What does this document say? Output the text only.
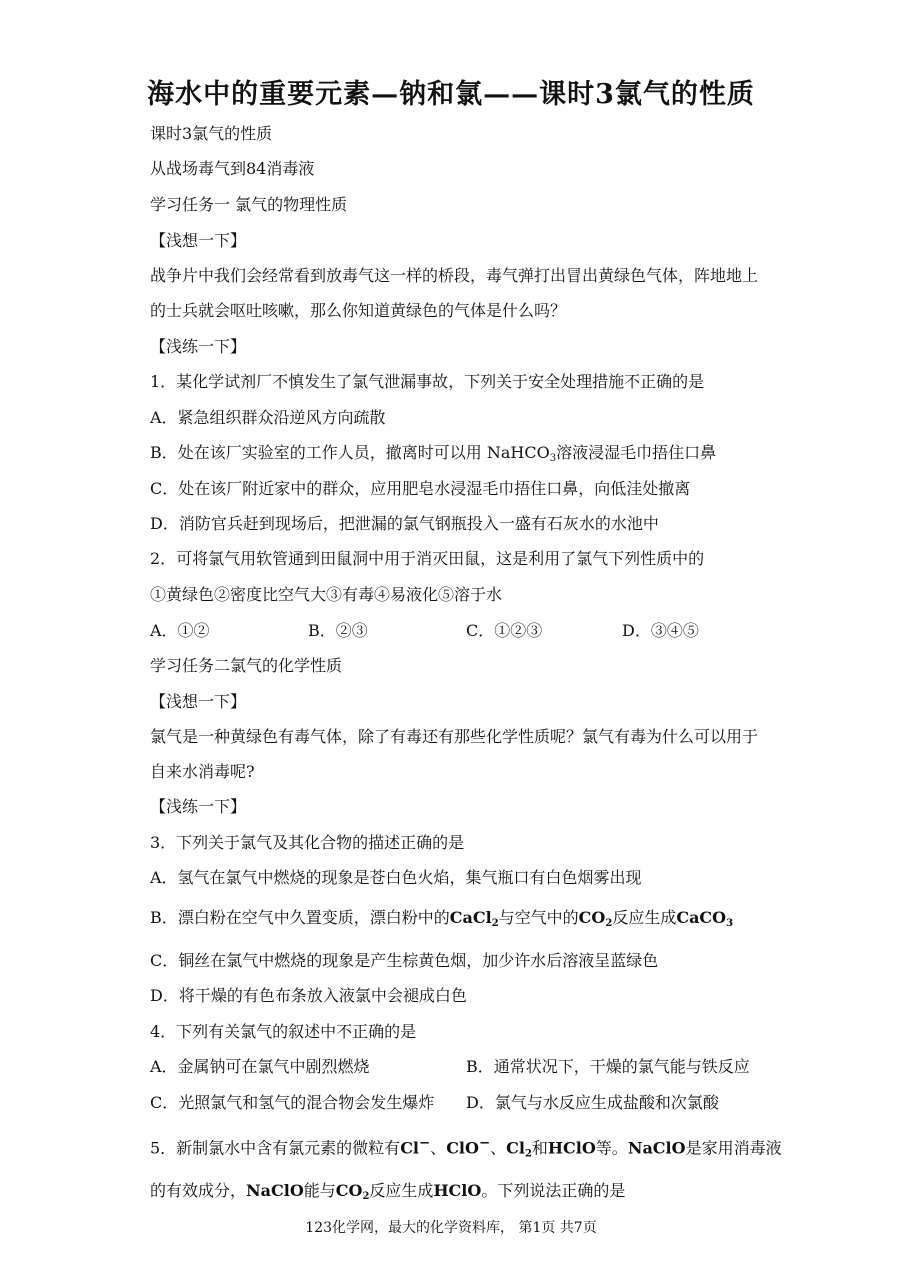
海水中的重要元素—钠和氯——课时3氯气的性质
课时3氯气的性质
从战场毒气到84消毒液
学习任务一 氯气的物理性质
【浅想一下】
战争片中我们会经常看到放毒气这一样的桥段，毒气弹打出冒出黄绿色气体，阵地地上
的士兵就会呕吐咳嗽，那么你知道黄绿色的气体是什么吗？
【浅练一下】
1．某化学试剂厂不慎发生了氯气泄漏事故，下列关于安全处理措施不正确的是
A．紧急组织群众沿逆风方向疏散
B．处在该厂实验室的工作人员，撤离时可以用 NaHCO$_3$溶液浸湿毛巾捂住口鼻
C．处在该厂附近家中的群众，应用肥皂水浸湿毛巾捂住口鼻，向低洼处撤离
D．消防官兵赶到现场后，把泄漏的氯气钢瓶投入一盛有石灰水的水池中
2．可将氯气用软管通到田鼠洞中用于消灭田鼠，这是利用了氯气下列性质中的
①黄绿色②密度比空气大③有毒④易液化⑤溶于水
A．①②	B．②③	C．①②③	D．③④⑤
学习任务二氯气的化学性质
【浅想一下】
氯气是一种黄绿色有毒气体，除了有毒还有那些化学性质呢？氯气有毒为什么可以用于
自来水消毒呢?
【浅练一下】
3．下列关于氯气及其化合物的描述正确的是
A．氢气在氯气中燃烧的现象是苍白色火焰，集气瓶口有白色烟雾出现
B．漂白粉在空气中久置变质，漂白粉中的CaCl$_2$与空气中的$CO_2$反应生成CaCO$_3$
C．铜丝在氯气中燃烧的现象是产生棕黄色烟，加少许水后溶液呈蓝绿色
D．将干燥的有色布条放入液氯中会褪成白色
4．下列有关氯气的叙述中不正确的是
A．金属钠可在氯气中剧烈燃烧	B．通常状况下，干燥的氯气能与铁反应
C．光照氯气和氢气的混合物会发生爆炸 D．氯气与水反应生成盐酸和次氯酸
5．新制氯水中含有氯元素的微粒有Cl−、ClO−、$Cl_2$和HClO等。NaClO是家用消毒液
的有效成分，NaClO能与$CO_2$反应生成HClO。下列说法正确的是
123化学网，最大的化学资料库， 第1页 共7页
